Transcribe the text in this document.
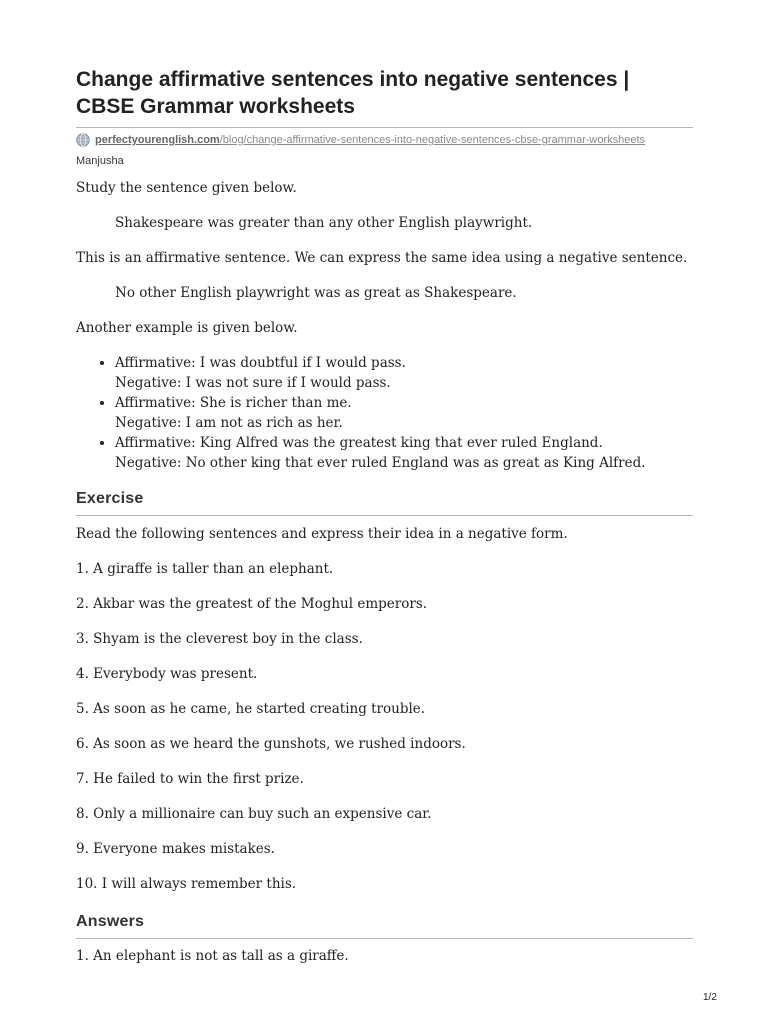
Change affirmative sentences into negative sentences | CBSE Grammar worksheets
perfectyourenglish.com /blog/change-affirmative-sentences-into-negative-sentences-cbse-grammar-worksheets
Manjusha

Study the sentence given below.

Shakespeare was greater than any other English playwright.

This is an affirmative sentence. We can express the same idea using a negative sentence.

No other English playwright was as great as Shakespeare.

Another example is given below.

• Affirmative: I was doubtful if I would pass.
Negative: I was not sure if I would pass.
• Affirmative: She is richer than me.
Negative: I am not as rich as her.
• Affirmative: King Alfred was the greatest king that ever ruled England.
Negative: No other king that ever ruled England was as great as King Alfred.
Exercise

Read the following sentences and express their idea in a negative form.

1. A giraffe is taller than an elephant.
2. Akbar was the greatest of the Moghul emperors.
3. Shyam is the cleverest boy in the class.
4. Everybody was present.
5. As soon as he came, he started creating trouble.
6. As soon as we heard the gunshots, we rushed indoors.
7. He failed to win the first prize.
8. Only a millionaire can buy such an expensive car.
9. Everyone makes mistakes.
10. I will always remember this.
Answers
1. An elephant is not as tall as a giraffe.
1/2
